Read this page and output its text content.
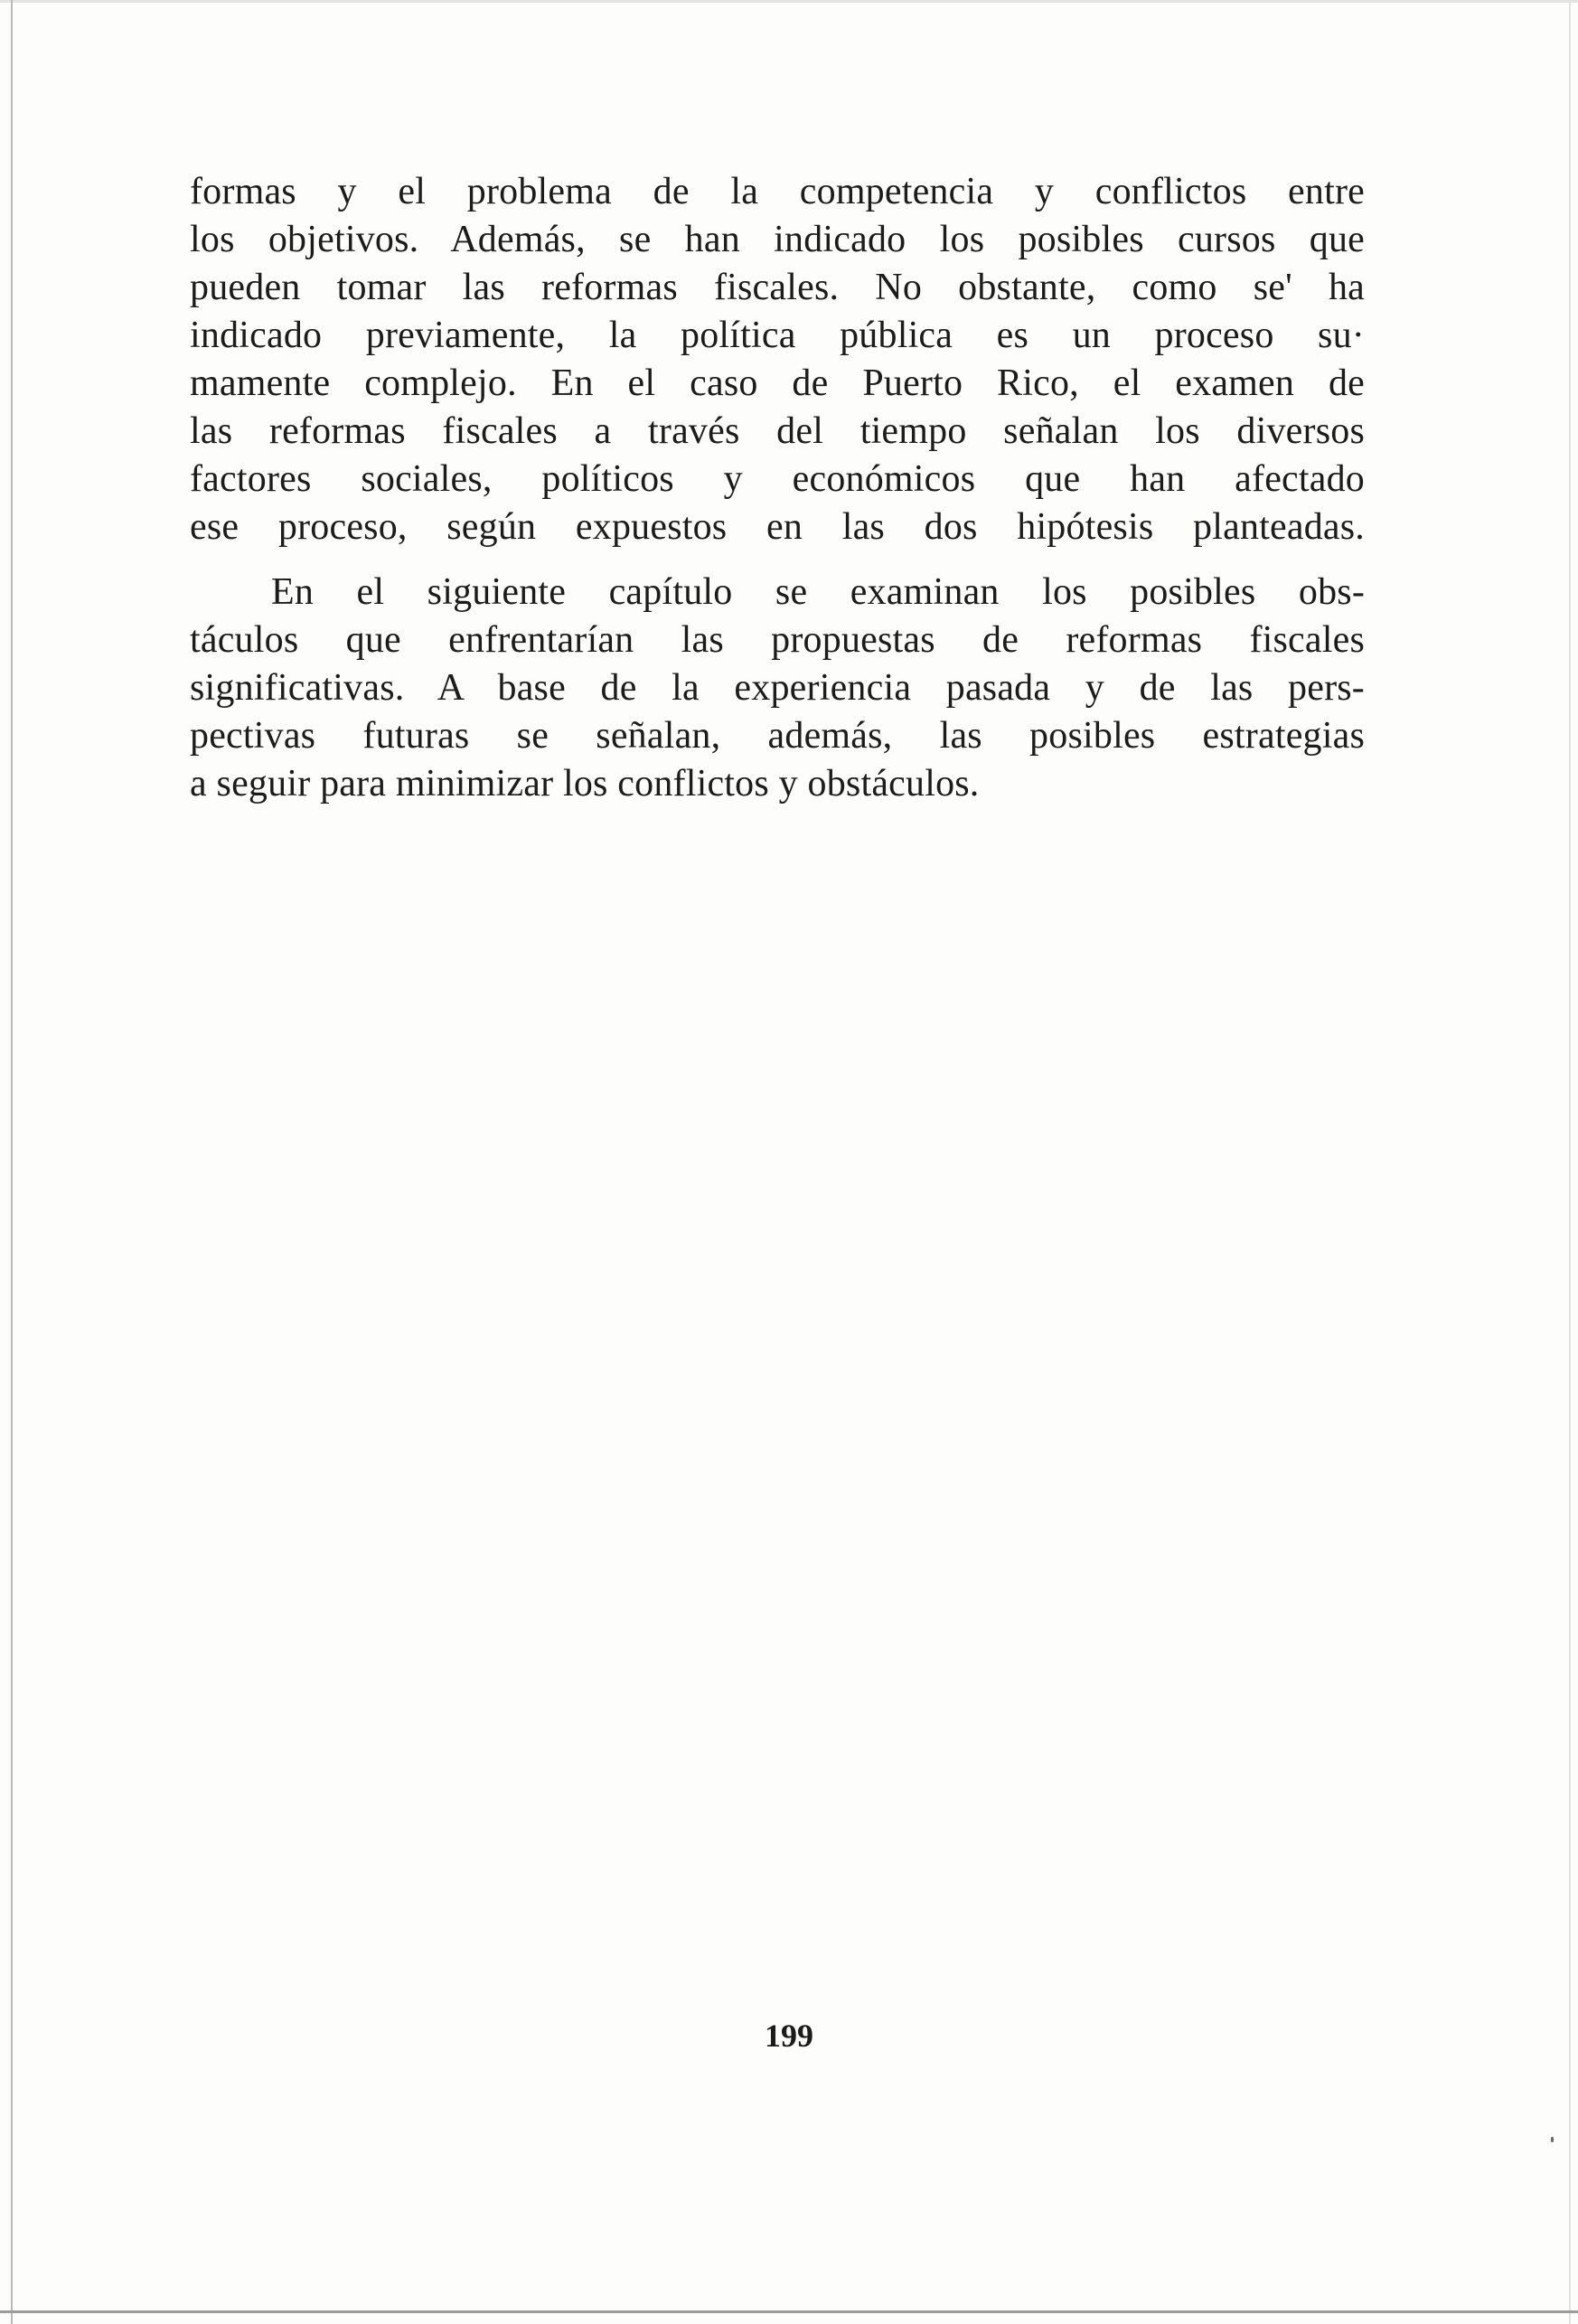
formas y el problema de la competencia y conflictos entre
los objetivos. Además, se han indicado los posibles cursos que
pueden tomar las reformas fiscales. No obstante, como se' ha
indicado previamente, la política pública es un proceso su·
mamente complejo. En el caso de Puerto Rico, el examen de
las reformas fiscales a través del tiempo señalan los diversos
factores sociales, políticos y económicos que han afectado
ese proceso, según expuestos en las dos hipótesis planteadas.
En el siguiente capítulo se examinan los posibles obs-
táculos que enfrentarían las propuestas de reformas fiscales
significativas. A base de la experiencia pasada y de las pers-
pectivas futuras se señalan, además, las posibles estrategias
a seguir para minimizar los conflictos y obstáculos.
199
